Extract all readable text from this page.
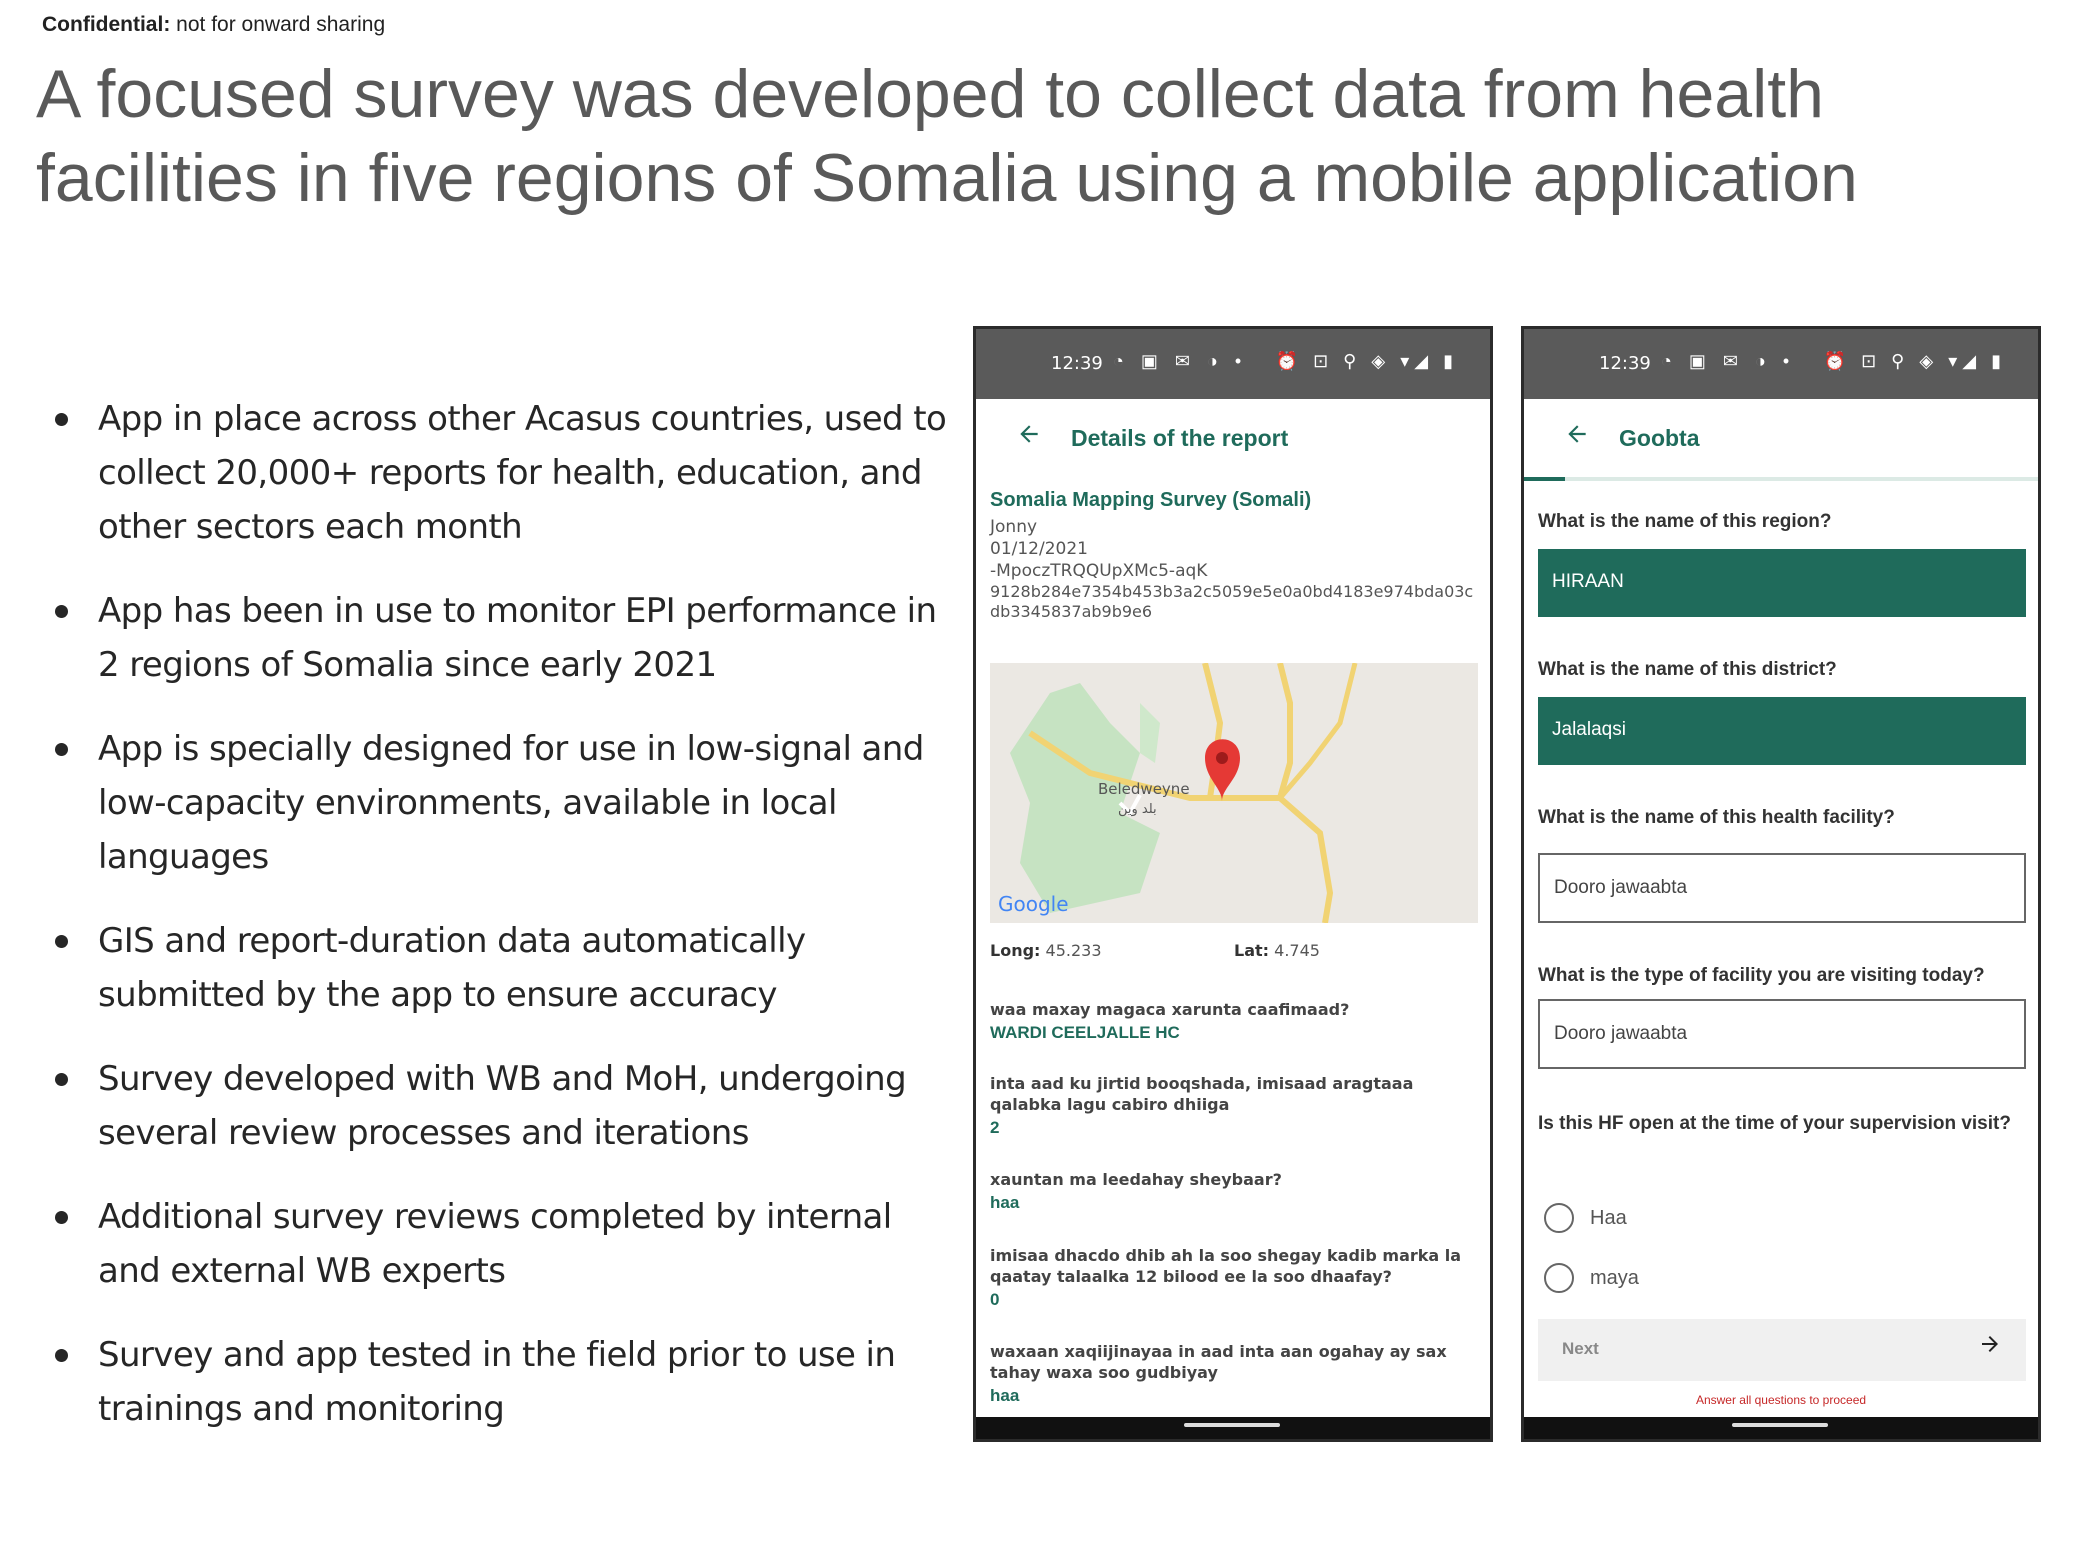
Confidential: not for onward sharing
A focused survey was developed to collect data from health facilities in five regions of Somalia using a mobile application
App in place across other Acasus countries, used to collect 20,000+ reports for health, education, and other sectors each month
App has been in use to monitor EPI performance in 2 regions of Somalia since early 2021
App is specially designed for use in low-signal and low-capacity environments, available in local languages
GIS and report-duration data automatically submitted by the app to ensure accuracy
Survey developed with WB and MoH, undergoing several review processes and iterations
Additional survey reviews completed by internal and external WB experts
Survey and app tested in the field prior to use in trainings and monitoring
12:39 ◔ ▣ ✉ ◑ • ⏰ ⊡ ⚲ ◈ ▾◢ ▮
Details of the report
Somalia Mapping Survey (Somali)
Jonny
01/12/2021
-MpoczTRQQUpXMc5-aqK
9128b284e7354b453b3a2c5059e5e0a0bd4183e974bda03cdb3345837ab9b9e6
Beledweyne
بلد وين
Google
Long: 45.233	Lat: 4.745
waa maxay magaca xarunta caafimaad?
WARDI CEELJALLE HC
inta aad ku jirtid booqshada, imisaad aragtaaa qalabka lagu cabiro dhiiga
2
xauntan ma leedahay sheybaar?
haa
imisaa dhacdo dhib ah la soo shegay kadib marka la qaatay talaalka 12 bilood ee la soo dhaafay?
0
waxaan xaqiijinayaa in aad inta aan ogahay ay sax tahay waxa soo gudbiyay
haa
12:39 ◔ ▣ ✉ ◑ • ⏰ ⊡ ⚲ ◈ ▾◢ ▮
Goobta
What is the name of this region?
HIRAAN
What is the name of this district?
Jalalaqsi
What is the name of this health facility?
Dooro jawaabta
What is the type of facility you are visiting today?
Dooro jawaabta
Is this HF open at the time of your supervision visit?
Haa
maya
Next
Answer all questions to proceed
